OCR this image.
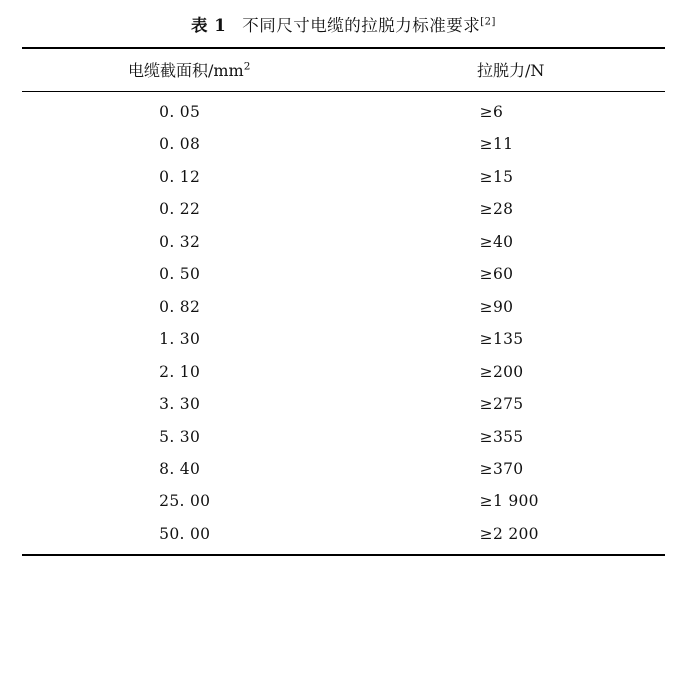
表 1 不同尺寸电缆的拉脱力标准要求[2]
电缆截面积$/mm^2$	拉脱力/N
0. 05	≥6
0. 08	≥11
0. 12	≥15
0. 22	≥28
0. 32	≥40
0. 50	≥60
0. 82	≥90
1. 30	≥135
2. 10	≥200
3. 30	≥275
5. 30	≥355
8. 40	≥370
25. 00	≥1 900
50. 00	≥2 200
